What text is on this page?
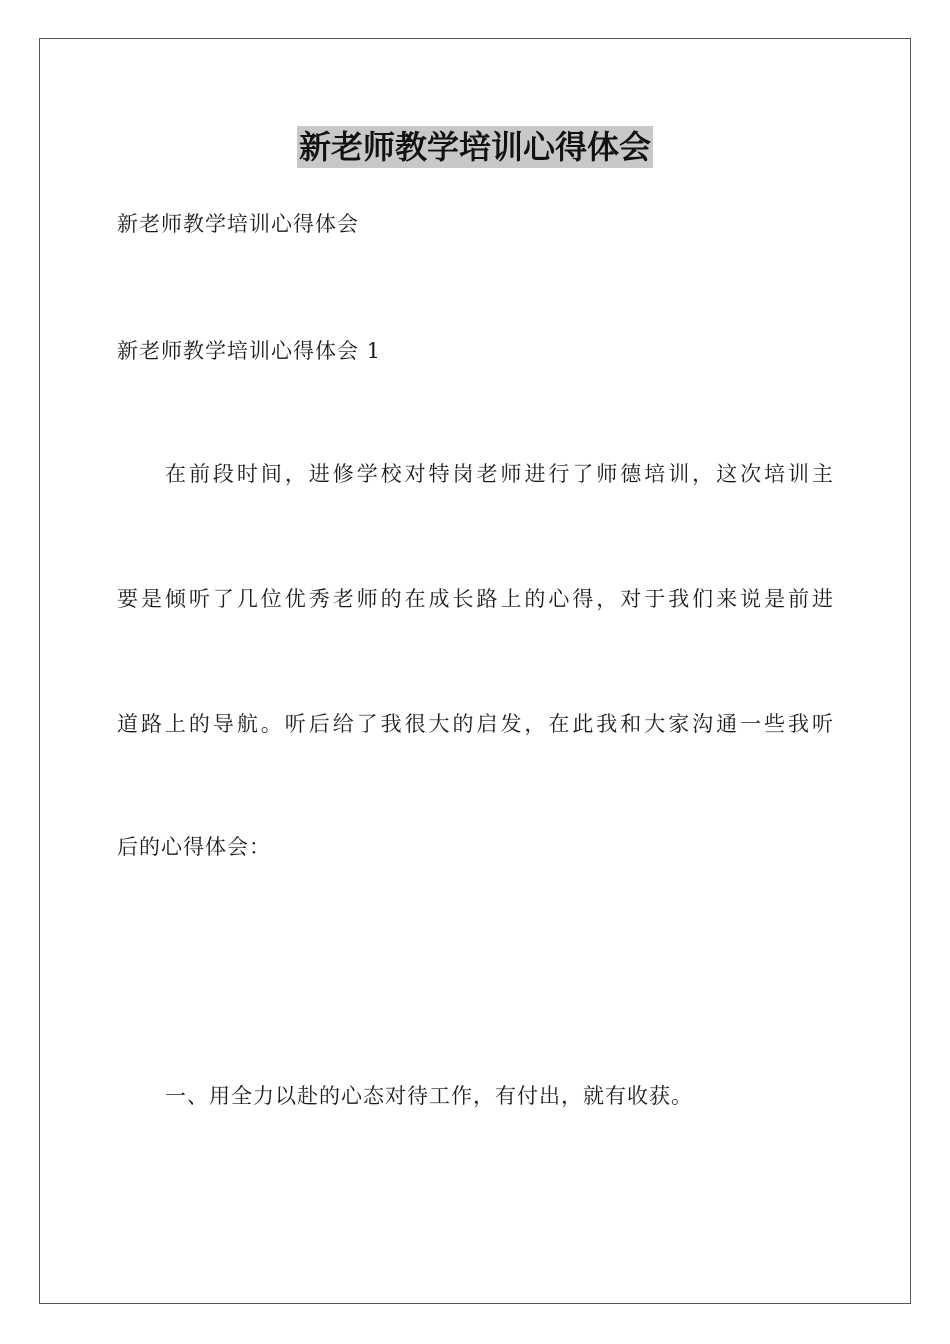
新老师教学培训心得体会
新老师教学培训心得体会
新老师教学培训心得体会 1
在前段时间，进修学校对特岗老师进行了师德培训，这次培训主
要是倾听了几位优秀老师的在成长路上的心得，对于我们来说是前进
道路上的导航。听后给了我很大的启发，在此我和大家沟通一些我听
后的心得体会：
一、用全力以赴的心态对待工作，有付出，就有收获。
